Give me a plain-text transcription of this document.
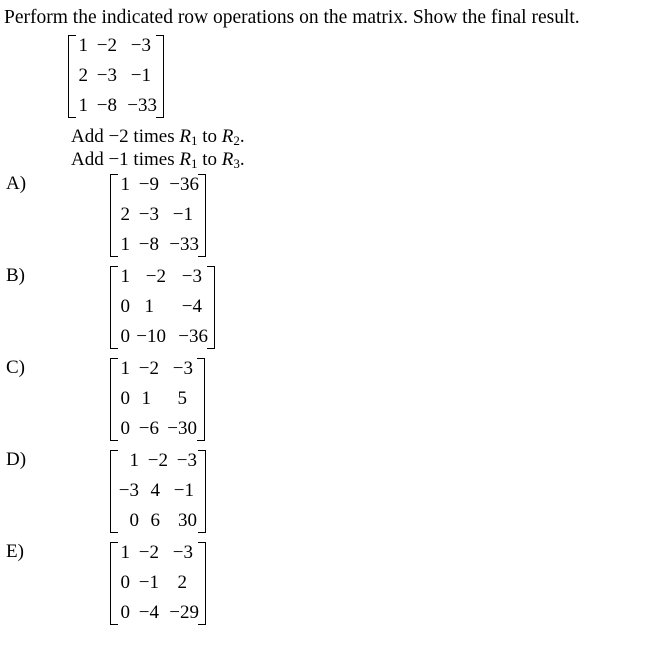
Perform the indicated row operations on the matrix. Show the final result.
1 −2 −3
2 −3 −1
1 −8 −33
Add −2 times $R_1$ to $R_2$.
Add −1 times $R_1$ to $R_3$.
A)	1 −9 −36
2 −3 −1
1 −8 −33
B)	1 −2 −3
0 1	−4
0 −10 −36
C)	1 −2 −3
0 1	5
0 −6 −30
D)	1 −2 −3
−3 4 −1
0 6 30
E)	1 −2 −3
0 −1 2
0 −4 −29
